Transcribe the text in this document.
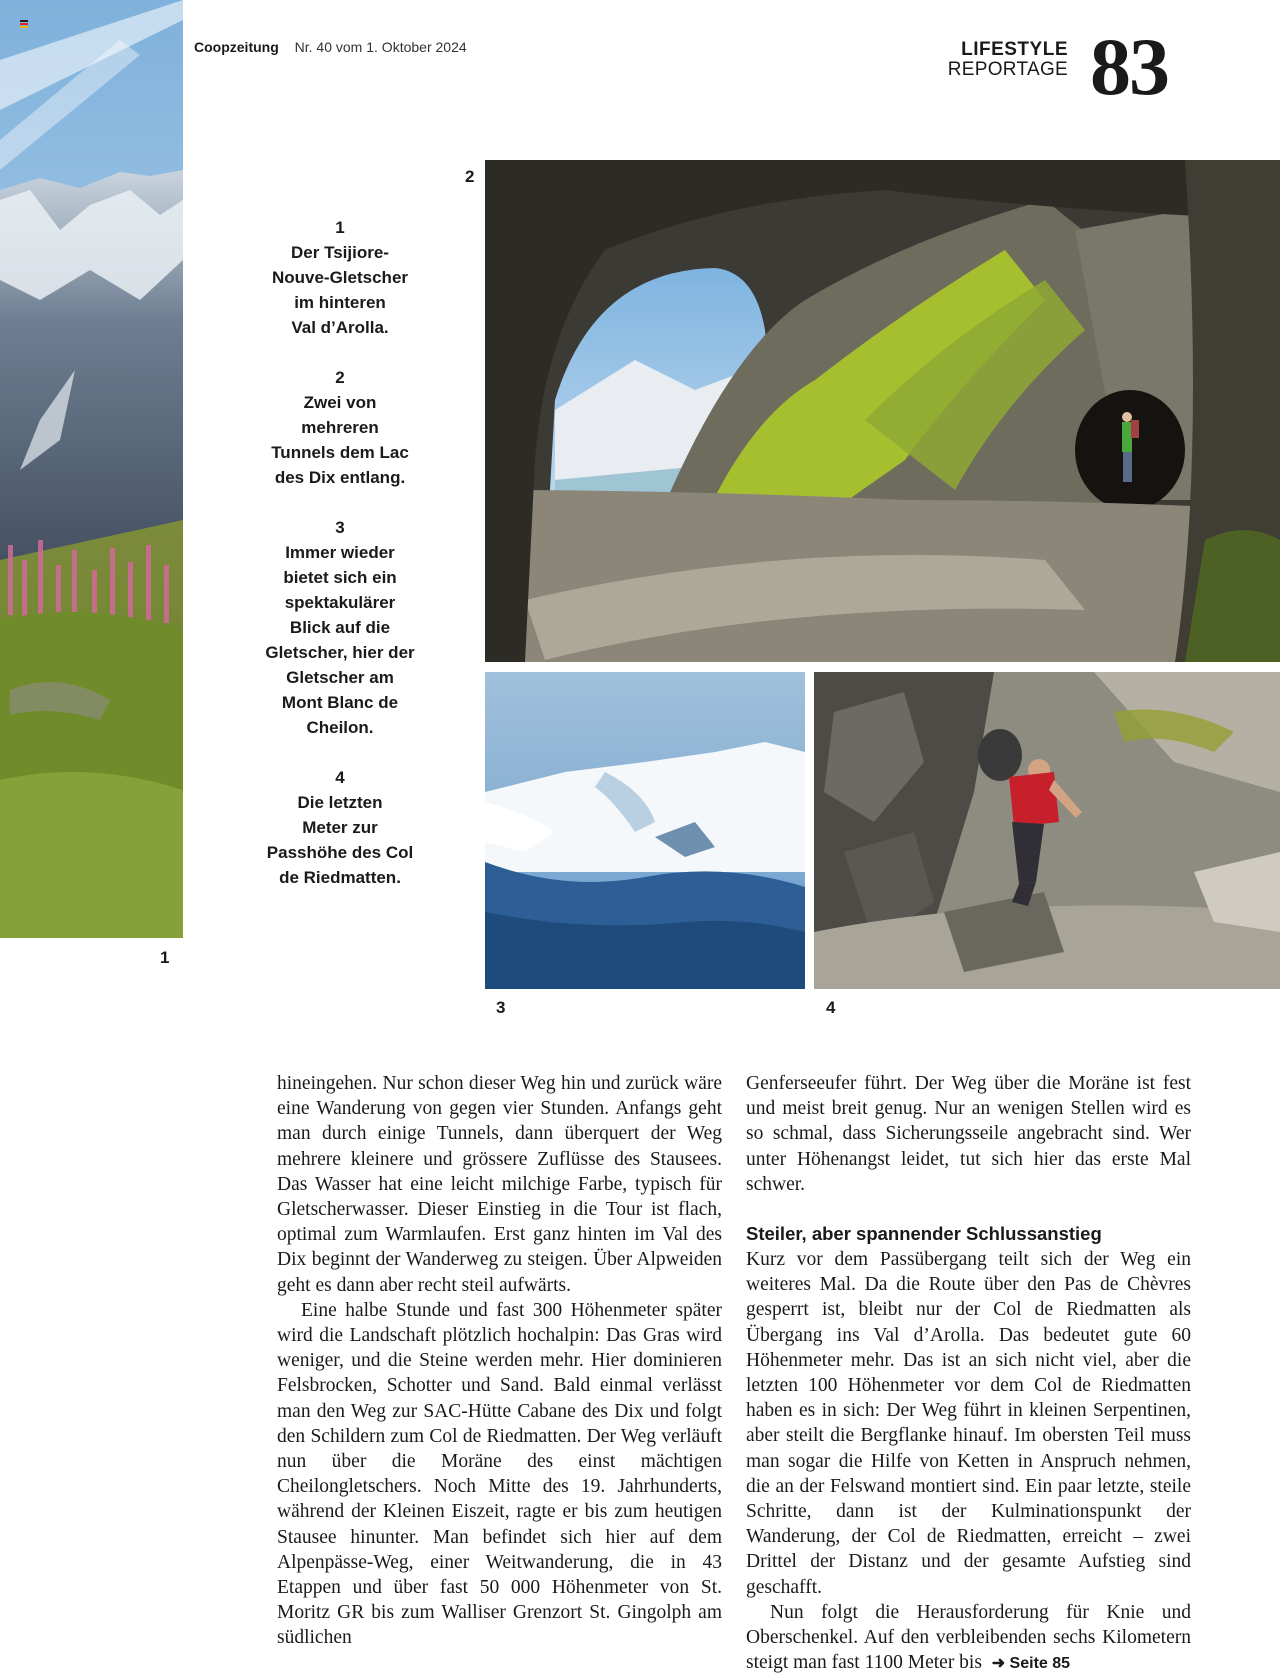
Coopzeitung Nr. 40 vom 1. Oktober 2024	LIFESTYLE
REPORTAGE 83
1
2
3	4
1
Der Tsijiore-
Nouve-Gletscher
im hinteren
Val d’Arolla.
2
Zwei von
mehreren
Tunnels dem Lac
des Dix entlang.
3
Immer wieder
bietet sich ein
spektakulärer
Blick auf die
Gletscher, hier der
Gletscher am
Mont Blanc de
Cheilon.
4
Die letzten
Meter zur
Passhöhe des Col
de Riedmatten.

hineingehen. Nur schon dieser Weg hin und zurück wäre eine Wanderung von gegen vier Stunden. Anfangs geht man durch einige Tunnels, dann überquert der Weg mehrere kleinere und grössere Zuflüsse des Stausees. Das Wasser hat eine leicht milchige Farbe, typisch für Gletscherwasser. Dieser Einstieg in die Tour ist flach, optimal zum Warmlaufen. Erst ganz hinten im Val des Dix beginnt der Wanderweg zu steigen. Über Alpweiden geht es dann aber recht steil aufwärts.

Eine halbe Stunde und fast 300 Höhenmeter später wird die Landschaft plötzlich hochalpin: Das Gras wird weniger, und die Steine werden mehr. Hier dominieren Felsbrocken, Schotter und Sand. Bald einmal verlässt man den Weg zur SAC-Hütte Cabane des Dix und folgt den Schildern zum Col de Riedmatten. Der Weg verläuft nun über die Moräne des einst mächtigen Cheilongletschers. Noch Mitte des 19. Jahrhunderts, während der Kleinen Eiszeit, ragte er bis zum heutigen Stausee hinunter. Man befindet sich hier auf dem Alpenpässe-Weg, einer Weitwanderung, die in 43 Etappen und über fast 50 000 Höhenmeter von St. Moritz GR bis zum Walliser Grenzort St. Gingolph am südlichen

Genferseeufer führt. Der Weg über die Moräne ist fest und meist breit genug. Nur an wenigen Stellen wird es so schmal, dass Sicherungsseile angebracht sind. Wer unter Höhenangst leidet, tut sich hier das erste Mal schwer.

Steiler, aber spannender Schlussanstieg

Kurz vor dem Passübergang teilt sich der Weg ein weiteres Mal. Da die Route über den Pas de Chèvres gesperrt ist, bleibt nur der Col de Riedmatten als Übergang ins Val d’Arolla. Das bedeutet gute 60 Höhenmeter mehr. Das ist an sich nicht viel, aber die letzten 100 Höhenmeter vor dem Col de Riedmatten haben es in sich: Der Weg führt in kleinen Serpentinen, aber steilt die Bergflanke hinauf. Im obersten Teil muss man sogar die Hilfe von Ketten in Anspruch nehmen, die an der Felswand montiert sind. Ein paar letzte, steile Schritte, dann ist der Kulminationspunkt der Wanderung, der Col de Riedmatten, erreicht – zwei Drittel der Distanz und der gesamte Aufstieg sind geschafft.

Nun folgt die Herausforderung für Knie und Oberschenkel. Auf den verbleibenden sechs Kilometern steigt man fast 1100 Meter bis ➜ Seite 85
